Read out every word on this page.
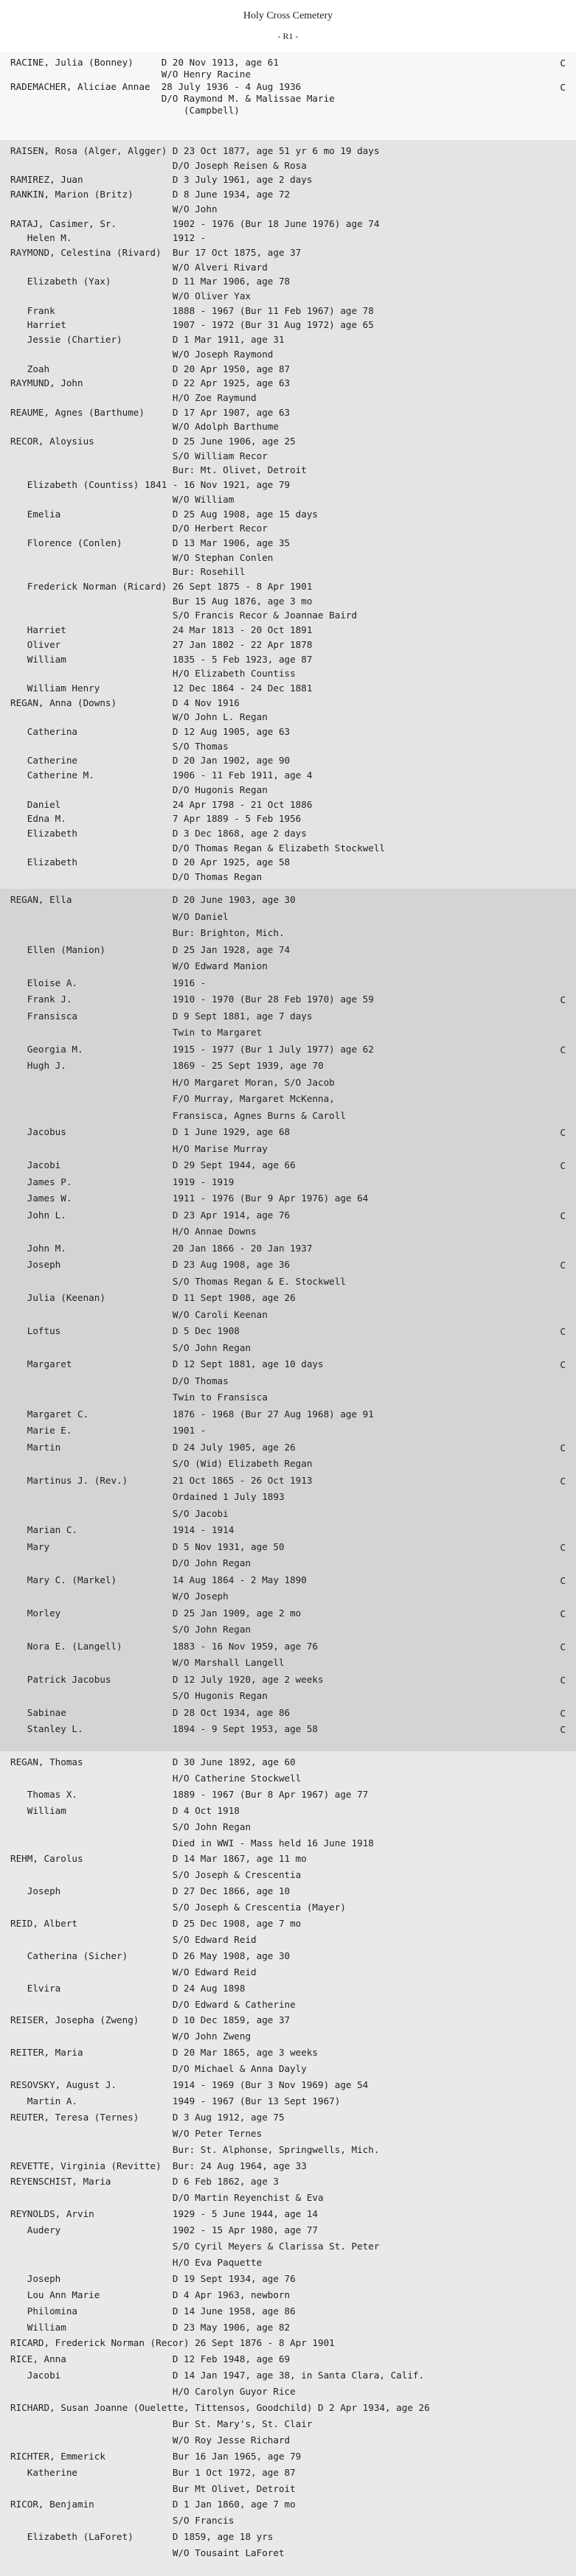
Holy Cross Cemetery
- R1 -
RACINE, Julia (Bonney)     D 20 Nov 1913, age 61	C
W/O Henry Racine
RADEMACHER, Aliciae Annae  28 July 1936 - 4 Aug 1936	C
D/O Raymond M. & Malissae Marie
(Campbell)
RAISEN, Rosa (Alger, Algger) D 23 Oct 1877, age 51 yr 6 mo 19 days
D/O Joseph Reisen & Rosa
RAMIREZ, Juan                D 3 July 1961, age 2 days
RANKIN, Marion (Britz)       D 8 June 1934, age 72
W/O John
RATAJ, Casimer, Sr.          1902 - 1976 (Bur 18 June 1976) age 74
Helen M.                  1912 -
RAYMOND, Celestina (Rivard)  Bur 17 Oct 1875, age 37
W/O Alveri Rivard
Elizabeth (Yax)           D 11 Mar 1906, age 78
W/O Oliver Yax
Frank                     1888 - 1967 (Bur 11 Feb 1967) age 78
Harriet                   1907 - 1972 (Bur 31 Aug 1972) age 65
Jessie (Chartier)         D 1 Mar 1911, age 31
W/O Joseph Raymond
Zoah                      D 20 Apr 1950, age 87
RAYMUND, John                D 22 Apr 1925, age 63
H/O Zoe Raymund
REAUME, Agnes (Barthume)     D 17 Apr 1907, age 63
W/O Adolph Barthume
RECOR, Aloysius              D 25 June 1906, age 25
S/O William Recor
Bur: Mt. Olivet, Detroit
Elizabeth (Countiss) 1841 - 16 Nov 1921, age 79
W/O William
Emelia                    D 25 Aug 1908, age 15 days
D/O Herbert Recor
Florence (Conlen)         D 13 Mar 1906, age 35
W/O Stephan Conlen
Bur: Rosehill
Frederick Norman (Ricard) 26 Sept 1875 - 8 Apr 1901
Bur 15 Aug 1876, age 3 mo
S/O Francis Recor & Joannae Baird
Harriet                   24 Mar 1813 - 20 Oct 1891
Oliver                    27 Jan 1802 - 22 Apr 1878
William                   1835 - 5 Feb 1923, age 87
H/O Elizabeth Countiss
William Henry             12 Dec 1864 - 24 Dec 1881
REGAN, Anna (Downs)          D 4 Nov 1916
W/O John L. Regan
Catherina                 D 12 Aug 1905, age 63
S/O Thomas
Catherine                 D 20 Jan 1902, age 90
Catherine M.              1906 - 11 Feb 1911, age 4
D/O Hugonis Regan
Daniel                    24 Apr 1798 - 21 Oct 1886
Edna M.                   7 Apr 1889 - 5 Feb 1956
Elizabeth                 D 3 Dec 1868, age 2 days
D/O Thomas Regan & Elizabeth Stockwell
Elizabeth                 D 20 Apr 1925, age 58
D/O Thomas Regan
REGAN, Ella                  D 20 June 1903, age 30
W/O Daniel
Bur: Brighton, Mich.
Ellen (Manion)            D 25 Jan 1928, age 74
W/O Edward Manion
Eloise A.                 1916 -
Frank J.                  1910 - 1970 (Bur 28 Feb 1970) age 59	C
Fransisca                 D 9 Sept 1881, age 7 days
Twin to Margaret
Georgia M.                1915 - 1977 (Bur 1 July 1977) age 62	C
Hugh J.                   1869 - 25 Sept 1939, age 70
H/O Margaret Moran, S/O Jacob
F/O Murray, Margaret McKenna,
Fransisca, Agnes Burns & Caroll
Jacobus                   D 1 June 1929, age 68	C
H/O Marise Murray
Jacobi                    D 29 Sept 1944, age 66	C
James P.                  1919 - 1919
James W.                  1911 - 1976 (Bur 9 Apr 1976) age 64
John L.                   D 23 Apr 1914, age 76	C
H/O Annae Downs
John M.                   20 Jan 1866 - 20 Jan 1937
Joseph                    D 23 Aug 1908, age 36	C
S/O Thomas Regan & E. Stockwell
Julia (Keenan)            D 11 Sept 1908, age 26
W/O Caroli Keenan
Loftus                    D 5 Dec 1908	C
S/O John Regan
Margaret                  D 12 Sept 1881, age 10 days	C
D/O Thomas
Twin to Fransisca
Margaret C.               1876 - 1968 (Bur 27 Aug 1968) age 91
Marie E.                  1901 -
Martin                    D 24 July 1905, age 26	C
S/O (Wid) Elizabeth Regan
Martinus J. (Rev.)        21 Oct 1865 - 26 Oct 1913	C
Ordained 1 July 1893
S/O Jacobi
Marian C.                 1914 - 1914
Mary                      D 5 Nov 1931, age 50	C
D/O John Regan
Mary C. (Markel)          14 Aug 1864 - 2 May 1890	C
W/O Joseph
Morley                    D 25 Jan 1909, age 2 mo	C
S/O John Regan
Nora E. (Langell)         1883 - 16 Nov 1959, age 76	C
W/O Marshall Langell
Patrick Jacobus           D 12 July 1920, age 2 weeks	C
S/O Hugonis Regan
Sabinae                   D 28 Oct 1934, age 86	C
Stanley L.                1894 - 9 Sept 1953, age 58	C
REGAN, Thomas                D 30 June 1892, age 60
H/O Catherine Stockwell
Thomas X.                 1889 - 1967 (Bur 8 Apr 1967) age 77
William                   D 4 Oct 1918
S/O John Regan
Died in WWI - Mass held 16 June 1918
REHM, Carolus                D 14 Mar 1867, age 11 mo
S/O Joseph & Crescentia
Joseph                    D 27 Dec 1866, age 10
S/O Joseph & Crescentia (Mayer)
REID, Albert                 D 25 Dec 1908, age 7 mo
S/O Edward Reid
Catherina (Sicher)        D 26 May 1908, age 30
W/O Edward Reid
Elvira                    D 24 Aug 1898
D/O Edward & Catherine
REISER, Josepha (Zweng)      D 10 Dec 1859, age 37
W/O John Zweng
REITER, Maria                D 20 Mar 1865, age 3 weeks
D/O Michael & Anna Dayly
RESOVSKY, August J.          1914 - 1969 (Bur 3 Nov 1969) age 54
Martin A.                 1949 - 1967 (Bur 13 Sept 1967)
REUTER, Teresa (Ternes)      D 3 Aug 1912, age 75
W/O Peter Ternes
Bur: St. Alphonse, Springwells, Mich.
REVETTE, Virginia (Revitte)  Bur: 24 Aug 1964, age 33
REYENSCHIST, Maria           D 6 Feb 1862, age 3
D/O Martin Reyenchist & Eva
REYNOLDS, Arvin              1929 - 5 June 1944, age 14
Audery                    1902 - 15 Apr 1980, age 77
S/O Cyril Meyers & Clarissa St. Peter
H/O Eva Paquette
Joseph                    D 19 Sept 1934, age 76
Lou Ann Marie             D 4 Apr 1963, newborn
Philomina                 D 14 June 1958, age 86
William                   D 23 May 1906, age 82
RICARD, Frederick Norman (Recor) 26 Sept 1876 - 8 Apr 1901
RICE, Anna                   D 12 Feb 1948, age 69
Jacobi                    D 14 Jan 1947, age 38, in Santa Clara, Calif.
H/O Carolyn Guyor Rice
RICHARD, Susan Joanne (Ouelette, Tittensos, Goodchild) D 2 Apr 1934, age 26
Bur St. Mary's, St. Clair
W/O Roy Jesse Richard
RICHTER, Emmerick            Bur 16 Jan 1965, age 79
Katherine                 Bur 1 Oct 1972, age 87
Bur Mt Olivet, Detroit
RICOR, Benjamin              D 1 Jan 1860, age 7 mo
S/O Francis
Elizabeth (LaForet)       D 1859, age 18 yrs
W/O Tousaint LaForet
